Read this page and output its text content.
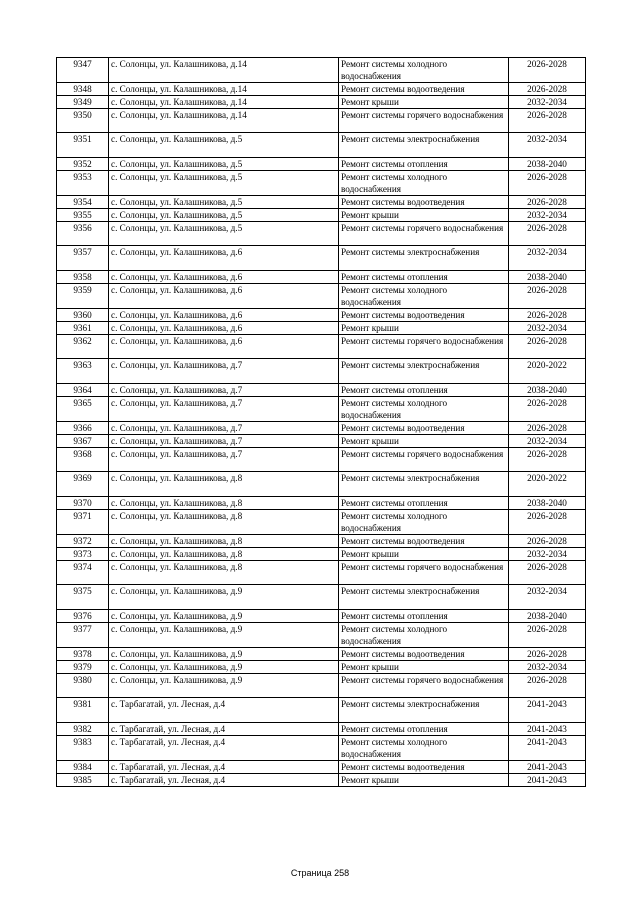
9347	с. Солонцы, ул. Калашникова, д.14	Ремонт системы холодного водоснабжения	2026-2028
9348	с. Солонцы, ул. Калашникова, д.14	Ремонт системы водоотведения	2026-2028
9349	с. Солонцы, ул. Калашникова, д.14	Ремонт крыши	2032-2034
9350	с. Солонцы, ул. Калашникова, д.14	Ремонт системы горячего водоснабжения	2026-2028
9351	с. Солонцы, ул. Калашникова, д.5	Ремонт системы электроснабжения	2032-2034
9352	с. Солонцы, ул. Калашникова, д.5	Ремонт системы отопления	2038-2040
9353	с. Солонцы, ул. Калашникова, д.5	Ремонт системы холодного водоснабжения	2026-2028
9354	с. Солонцы, ул. Калашникова, д.5	Ремонт системы водоотведения	2026-2028
9355	с. Солонцы, ул. Калашникова, д.5	Ремонт крыши	2032-2034
9356	с. Солонцы, ул. Калашникова, д.5	Ремонт системы горячего водоснабжения	2026-2028
9357	с. Солонцы, ул. Калашникова, д.6	Ремонт системы электроснабжения	2032-2034
9358	с. Солонцы, ул. Калашникова, д.6	Ремонт системы отопления	2038-2040
9359	с. Солонцы, ул. Калашникова, д.6	Ремонт системы холодного водоснабжения	2026-2028
9360	с. Солонцы, ул. Калашникова, д.6	Ремонт системы водоотведения	2026-2028
9361	с. Солонцы, ул. Калашникова, д.6	Ремонт крыши	2032-2034
9362	с. Солонцы, ул. Калашникова, д.6	Ремонт системы горячего водоснабжения	2026-2028
9363	с. Солонцы, ул. Калашникова, д.7	Ремонт системы электроснабжения	2020-2022
9364	с. Солонцы, ул. Калашникова, д.7	Ремонт системы отопления	2038-2040
9365	с. Солонцы, ул. Калашникова, д.7	Ремонт системы холодного водоснабжения	2026-2028
9366	с. Солонцы, ул. Калашникова, д.7	Ремонт системы водоотведения	2026-2028
9367	с. Солонцы, ул. Калашникова, д.7	Ремонт крыши	2032-2034
9368	с. Солонцы, ул. Калашникова, д.7	Ремонт системы горячего водоснабжения	2026-2028
9369	с. Солонцы, ул. Калашникова, д.8	Ремонт системы электроснабжения	2020-2022
9370	с. Солонцы, ул. Калашникова, д.8	Ремонт системы отопления	2038-2040
9371	с. Солонцы, ул. Калашникова, д.8	Ремонт системы холодного водоснабжения	2026-2028
9372	с. Солонцы, ул. Калашникова, д.8	Ремонт системы водоотведения	2026-2028
9373	с. Солонцы, ул. Калашникова, д.8	Ремонт крыши	2032-2034
9374	с. Солонцы, ул. Калашникова, д.8	Ремонт системы горячего водоснабжения	2026-2028
9375	с. Солонцы, ул. Калашникова, д.9	Ремонт системы электроснабжения	2032-2034
9376	с. Солонцы, ул. Калашникова, д.9	Ремонт системы отопления	2038-2040
9377	с. Солонцы, ул. Калашникова, д.9	Ремонт системы холодного водоснабжения	2026-2028
9378	с. Солонцы, ул. Калашникова, д.9	Ремонт системы водоотведения	2026-2028
9379	с. Солонцы, ул. Калашникова, д.9	Ремонт крыши	2032-2034
9380	с. Солонцы, ул. Калашникова, д.9	Ремонт системы горячего водоснабжения	2026-2028
9381	с. Тарбагатай, ул. Лесная, д.4	Ремонт системы электроснабжения	2041-2043
9382	с. Тарбагатай, ул. Лесная, д.4	Ремонт системы отопления	2041-2043
9383	с. Тарбагатай, ул. Лесная, д.4	Ремонт системы холодного водоснабжения	2041-2043
9384	с. Тарбагатай, ул. Лесная, д.4	Ремонт системы водоотведения	2041-2043
9385	с. Тарбагатай, ул. Лесная, д.4	Ремонт крыши	2041-2043
Страница 258
